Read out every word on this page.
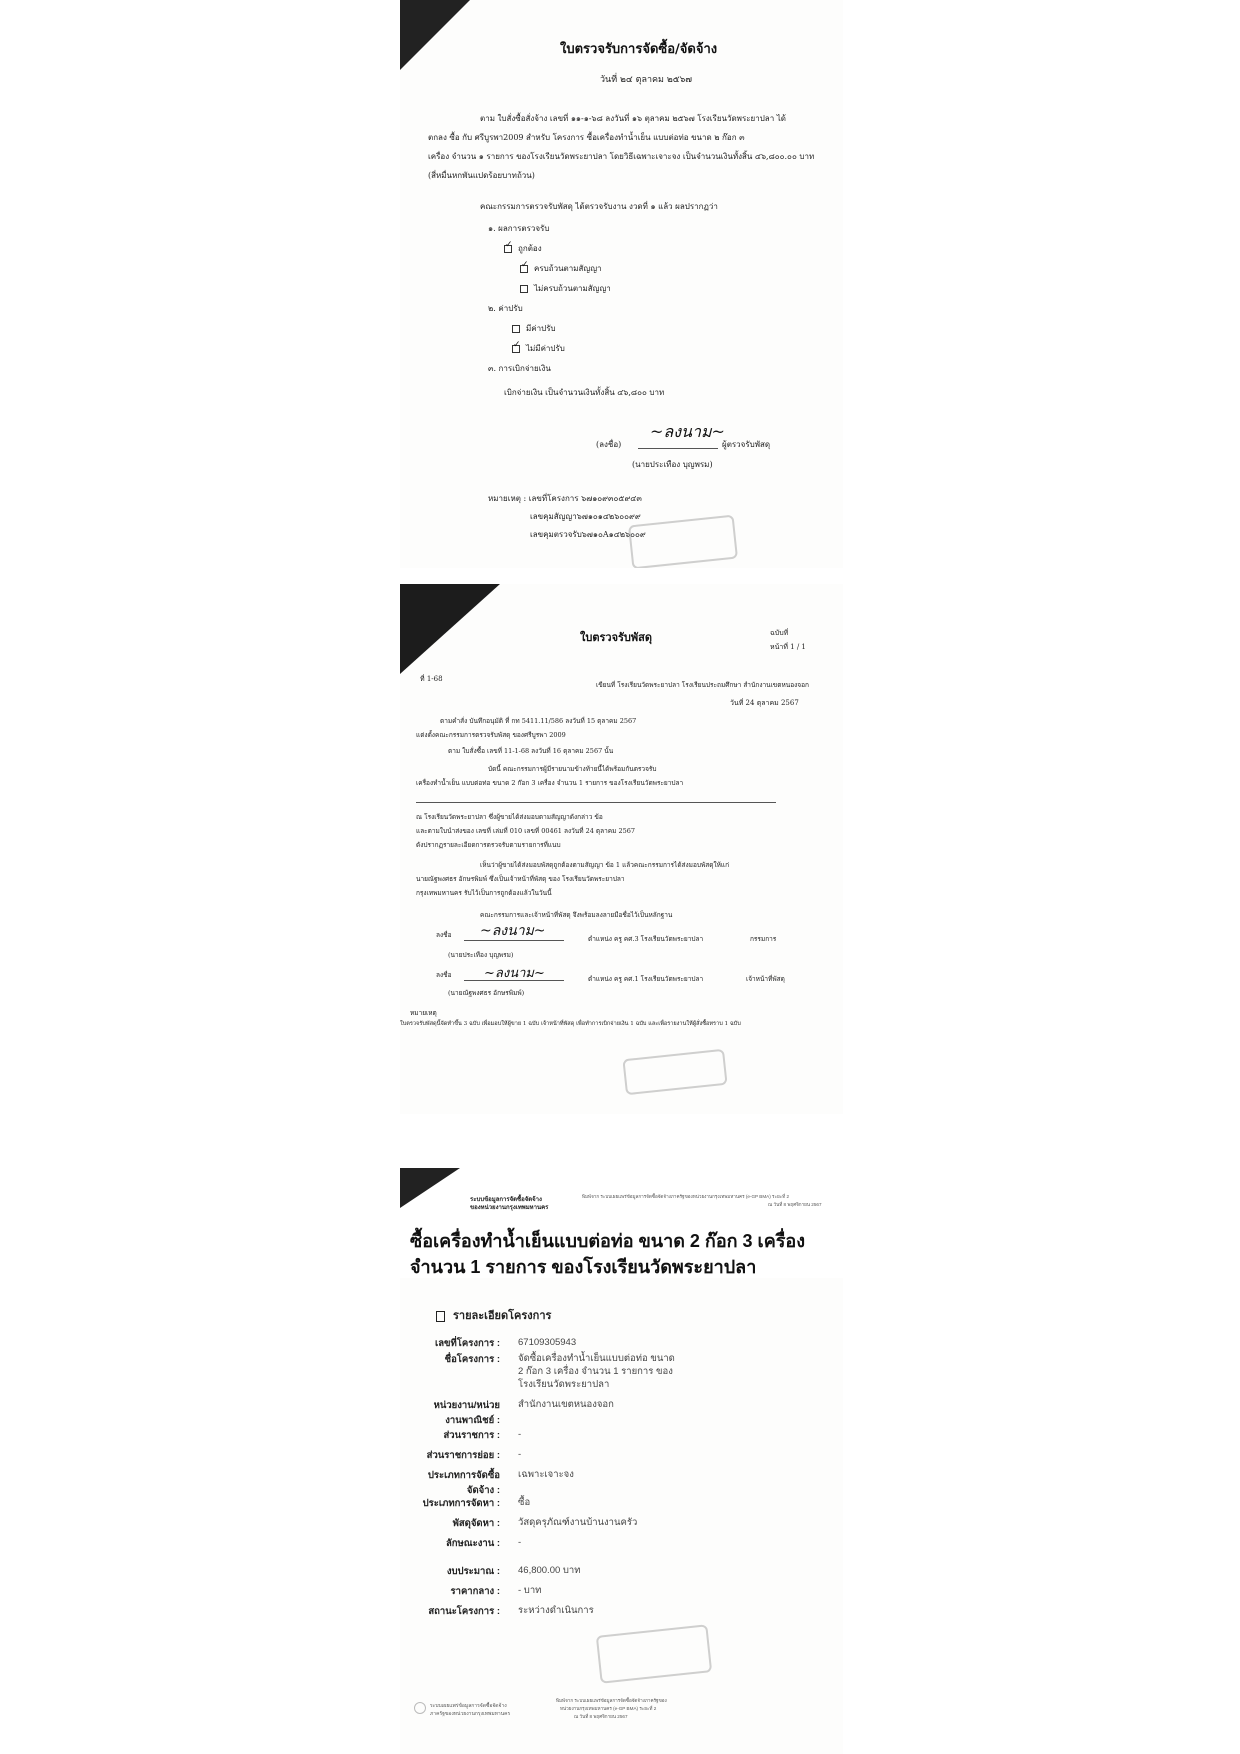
ใบตรวจรับการจัดซื้อ/จัดจ้าง
วันที่ ๒๔ ตุลาคม ๒๕๖๗
ตาม ใบสั่งซื้อสั่งจ้าง เลขที่ ๑๑-๑-๖๘ ลงวันที่ ๑๖ ตุลาคม ๒๕๖๗ โรงเรียนวัดพระยาปลา ได้
ตกลง ซื้อ กับ ศรีบูรพา2009 สำหรับ โครงการ ซื้อเครื่องทำน้ำเย็น แบบต่อท่อ ขนาด ๒ ก๊อก ๓
เครื่อง จำนวน ๑ รายการ ของโรงเรียนวัดพระยาปลา โดยวิธีเฉพาะเจาะจง เป็นจำนวนเงินทั้งสิ้น ๔๖,๘๐๐.๐๐ บาท
(สี่หมื่นหกพันแปดร้อยบาทถ้วน)
คณะกรรมการตรวจรับพัสดุ ได้ตรวจรับงาน งวดที่ ๑ แล้ว ผลปรากฏว่า
๑. ผลการตรวจรับ
✓ถูกต้อง
✓ครบถ้วนตามสัญญา
ไม่ครบถ้วนตามสัญญา
๒. ค่าปรับ
มีค่าปรับ
✓ไม่มีค่าปรับ
๓. การเบิกจ่ายเงิน
เบิกจ่ายเงิน เป็นจำนวนเงินทั้งสิ้น ๔๖,๘๐๐ บาท
~ลงนาม~
(ลงชื่อ)	ผู้ตรวจรับพัสดุ
(นายประเทือง บุญพรม)
หมายเหตุ : เลขที่โครงการ ๖๗๑๐๙๓๐๕๙๔๓
เลขคุมสัญญา๖๗๑๐๑๔๒๖๐๐๙๙
เลขคุมตรวจรับ๖๗๑๐A๑๔๒๖๐๐๙

ใบตรวจรับพัสดุ	ฉบับที่
หน้าที่ 1 / 1
ที่ 1-68
เขียนที่ โรงเรียนวัดพระยาปลา โรงเรียนประถมศึกษา สำนักงานเขตหนองจอก
วันที่ 24 ตุลาคม 2567
ตามคำสั่ง บันทึกอนุมัติ ที่ กท 5411.11/586 ลงวันที่ 15 ตุลาคม 2567
แต่งตั้งคณะกรรมการตรวจรับพัสดุ ของศรีบูรพา 2009
ตาม ใบสั่งซื้อ เลขที่ 11-1-68 ลงวันที่ 16 ตุลาคม 2567 นั้น
บัดนี้ คณะกรรมการผู้มีรายนามข้างท้ายนี้ได้พร้อมกันตรวจรับ
เครื่องทำน้ำเย็น แบบต่อท่อ ขนาด 2 ก๊อก 3 เครื่อง จำนวน 1 รายการ ของโรงเรียนวัดพระยาปลา
ณ โรงเรียนวัดพระยาปลา ซึ่งผู้ขายได้ส่งมอบตามสัญญาดังกล่าว ข้อ
และตามใบนำส่งของ เลขที่ เล่มที่ 010 เลขที่ 00461 ลงวันที่ 24 ตุลาคม 2567
ดังปรากฏรายละเอียดการตรวจรับตามรายการที่แนบ
เห็นว่าผู้ขายได้ส่งมอบพัสดุถูกต้องตามสัญญา ข้อ 1 แล้วคณะกรรมการได้ส่งมอบพัสดุให้แก่
นายณัฐพงศธร อักษรพิมพ์ ซึ่งเป็นเจ้าหน้าที่พัสดุ ของ โรงเรียนวัดพระยาปลา
กรุงเทพมหานคร รับไว้เป็นการถูกต้องแล้วในวันนี้
คณะกรรมการและเจ้าหน้าที่พัสดุ จึงพร้อมลงลายมือชื่อไว้เป็นหลักฐาน
ลงชื่อ ~ลงนาม~	ตำแหน่ง ครู คศ.3 โรงเรียนวัดพระยาปลา	กรรมการ
(นายประเทือง บุญพรม)
ลงชื่อ	~ลงนาม~	ตำแหน่ง ครู คศ.1 โรงเรียนวัดพระยาปลา	เจ้าหน้าที่พัสดุ
(นายณัฐพงศธร อักษรพิมพ์)
หมายเหตุ
ใบตรวจรับพัสดุนี้จัดทำขึ้น 3 ฉบับ เพื่อมอบให้ผู้ขาย 1 ฉบับ เจ้าหน้าที่พัสดุ เพื่อทำการเบิกจ่ายเงิน 1 ฉบับ และเพื่อรายงานให้ผู้สั่งซื้อทราบ 1 ฉบับ

ระบบข้อมูลการจัดซื้อจัดจ้าง
ของหน่วยงานกรุงเทพมหานคร
พิมพ์จาก ระบบเผยแพร่ข้อมูลการจัดซื้อจัดจ้างภาครัฐของหน่วยงานกรุงเทพมหานคร (e-GP BMA) ระยะที่ 2
ณ วันที่ 8 พฤศจิกายน 2567
ซื้อเครื่องทำน้ำเย็นแบบต่อท่อ ขนาด 2 ก๊อก 3 เครื่อง
จำนวน 1 รายการ ของโรงเรียนวัดพระยาปลา
รายละเอียดโครงการ
เลขที่โครงการ : 67109305943
ชื่อโครงการ : จัดซื้อเครื่องทำน้ำเย็นแบบต่อท่อ ขนาด 2 ก๊อก 3 เครื่อง จำนวน 1 รายการ ของ โรงเรียนวัดพระยาปลา
หน่วยงาน/หน่วยงานพาณิชย์ :
สำนักงานเขตหนองจอก
ส่วนราชการ : -
ส่วนราชการย่อย : -
ประเภทการจัดซื้อจัดจ้าง :
เฉพาะเจาะจง
ประเภทการจัดหา : ซื้อ
พัสดุจัดหา : วัสดุครุภัณฑ์งานบ้านงานครัว
ลักษณะงาน : -
งบประมาณ : 46,800.00 บาท
ราคากลาง : - บาท
สถานะโครงการ : ระหว่างดำเนินการ

ระบบเผยแพร่ข้อมูลการจัดซื้อจัดจ้าง
ภาครัฐของหน่วยงานกรุงเทพมหานคร
พิมพ์จาก ระบบเผยแพร่ข้อมูลการจัดซื้อจัดจ้างภาครัฐของ
หน่วยงานกรุงเทพมหานคร (e-GP BMA) ระยะที่ 2
ณ วันที่ 8 พฤศจิกายน 2567
